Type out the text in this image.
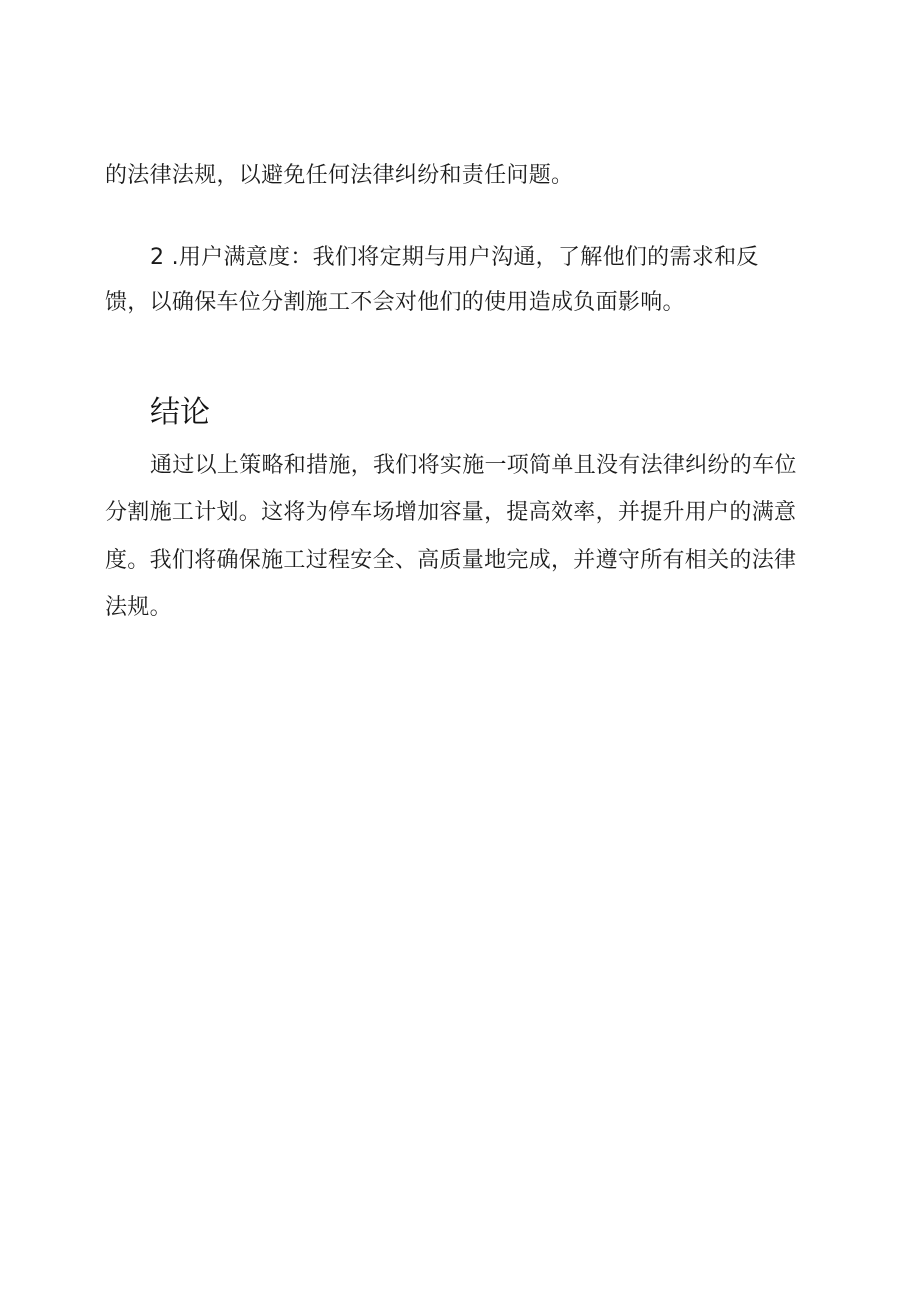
的法律法规，以避免任何法律纠纷和责任问题。
2 .用户满意度：我们将定期与用户沟通，了解他们的需求和反
馈，以确保车位分割施工不会对他们的使用造成负面影响。
结论
通过以上策略和措施，我们将实施一项简单且没有法律纠纷的车位
分割施工计划。这将为停车场增加容量，提高效率，并提升用户的满意
度。我们将确保施工过程安全、高质量地完成，并遵守所有相关的法律
法规。
